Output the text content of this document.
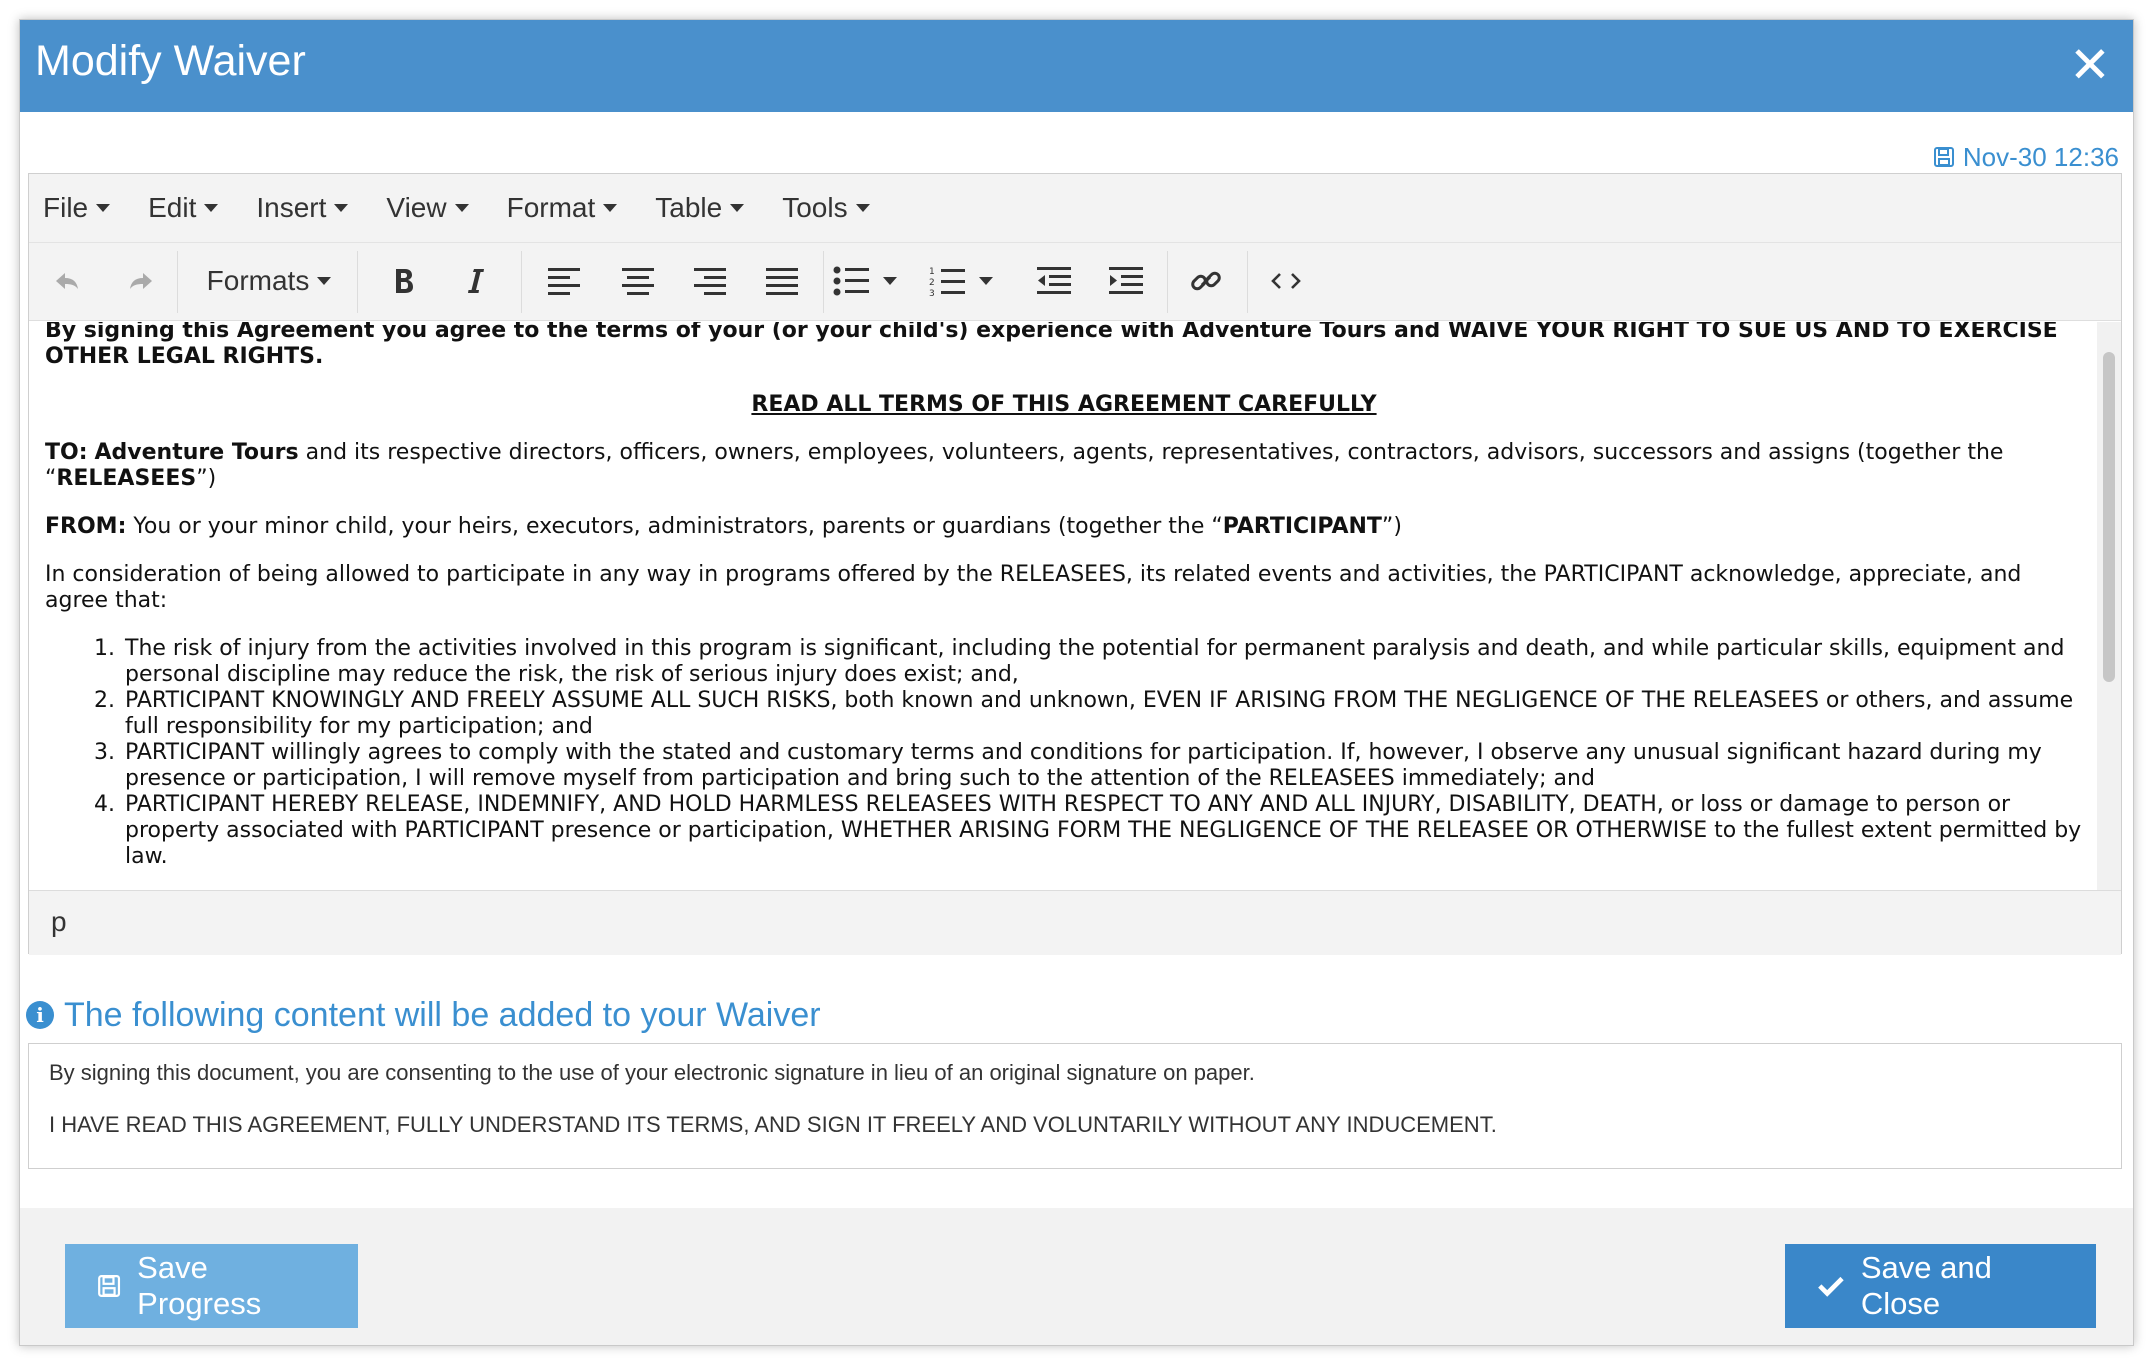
Modify Waiver	✕
Nov-30 12:36
File Edit Insert View Format Table Tools
Formats	1
2
3

By signing this Agreement you agree to the terms of your (or your child's) experience with Adventure Tours and WAIVE YOUR RIGHT TO SUE US AND TO EXERCISE OTHER LEGAL RIGHTS.

READ ALL TERMS OF THIS AGREEMENT CAREFULLY

TO: Adventure Tours and its respective directors, officers, owners, employees, volunteers, agents, representatives, contractors, advisors, successors and assigns (together the “RELEASEES”)

FROM: You or your minor child, your heirs, executors, administrators, parents or guardians (together the “PARTICIPANT”)

In consideration of being allowed to participate in any way in programs offered by the RELEASEES, its related events and activities, the PARTICIPANT acknowledge, appreciate, and agree that:

1. The risk of injury from the activities involved in this program is significant, including the potential for permanent paralysis and death, and while particular skills, equipment and personal discipline may reduce the risk, the risk of serious injury does exist; and,
2. PARTICIPANT KNOWINGLY AND FREELY ASSUME ALL SUCH RISKS, both known and unknown, EVEN IF ARISING FROM THE NEGLIGENCE OF THE RELEASEES or others, and assume full responsibility for my participation; and
3. PARTICIPANT willingly agrees to comply with the stated and customary terms and conditions for participation. If, however, I observe any unusual significant hazard during my presence or participation, I will remove myself from participation and bring such to the attention of the RELEASEES immediately; and
4. PARTICIPANT HEREBY RELEASE, INDEMNIFY, AND HOLD HARMLESS RELEASEES WITH RESPECT TO ANY AND ALL INJURY, DISABILITY, DEATH, or loss or damage to person or property associated with PARTICIPANT presence or participation, WHETHER ARISING FORM THE NEGLIGENCE OF THE RELEASEE OR OTHERWISE to the fullest extent permitted by law.
p
i The following content will be added to your Waiver

By signing this document, you are consenting to the use of your electronic signature in lieu of an original signature on paper.

I HAVE READ THIS AGREEMENT, FULLY UNDERSTAND ITS TERMS, AND SIGN IT FREELY AND VOLUNTARILY WITHOUT ANY INDUCEMENT.

Save Progress
Save and Close
